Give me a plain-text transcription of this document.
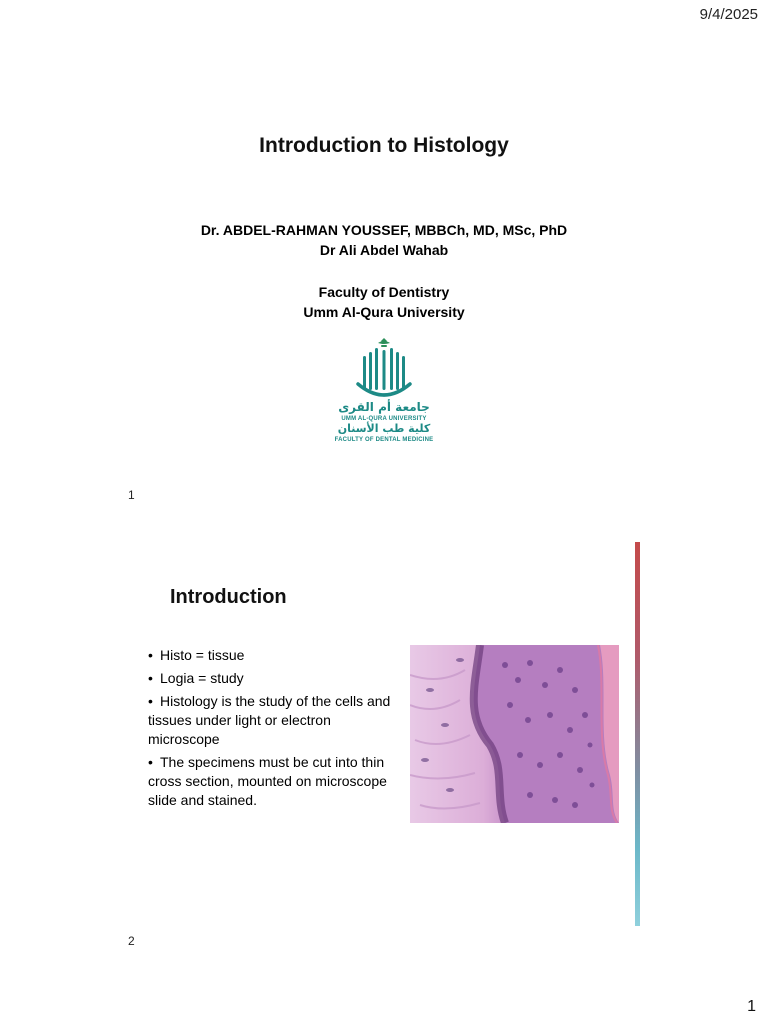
9/4/2025
Introduction to Histology
Dr. ABDEL-RAHMAN YOUSSEF, MBBCh, MD, MSc, PhD
Dr Ali Abdel Wahab
Faculty of Dentistry
Umm Al-Qura University
جامعة أم القرى
UMM AL-QURA UNIVERSITY
كلية طب الأسنان
FACULTY OF DENTAL MEDICINE
1
Introduction
• Histo = tissue
• Logia = study
• Histology is the study of the cells and tissues under light or electron microscope
• The specimens must be cut into thin cross section, mounted on microscope slide and stained.
2
1
